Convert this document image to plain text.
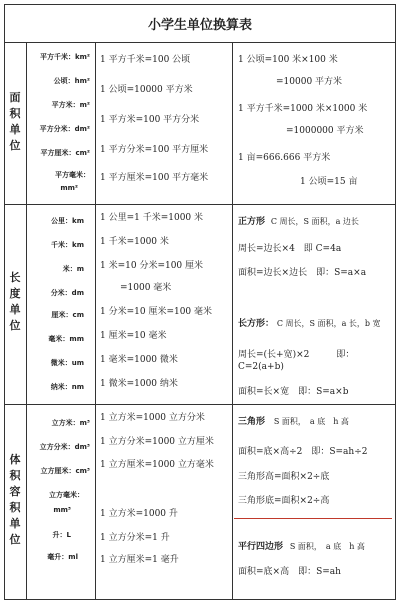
小学生单位换算表
面
积
单
位
平方千米：km²
公顷：hm²
平方米：m²
平方分米：dm²
平方厘米：cm²
平方毫米：
mm²
1 平方千米=100 公顷
1 公顷=10000 平方米
1 平方米=100 平方分米
1 平方分米=100 平方厘米
1 平方厘米=100 平方毫米
1 公顷=100 米×100 米
=10000 平方米
1 平方千米=1000 米×1000 米
=1000000 平方米
1 亩=666.666 平方米
1 公顷=15 亩
长
度
单
位
公里：km
千米：km
米：m
分米：dm
厘米：cm
毫米：mm
微米：um
纳米：nm
1 公里=1 千米=1000 米
1 千米=1000 米
1 米=10 分米=100 厘米
=1000 毫米
1 分米=10 厘米=100 毫米
1 厘米=10 毫米
1 毫米=1000 微米
1 微米=1000 纳米
正方形 C 周长，S 面积，a 边长
周长=边长×4　即 C=4a
面积=边长×边长　即：S=a×a
长方形： C 周长，S 面积，a 长，b 宽
周长=(长+宽)×2　　　即：
C=2(a+b)
面积=长×宽　即：S=a×b
体
积
容
积
单
位
立方米：m³
立方分米：dm³
立方厘米：cm³
立方毫米：
mm³
升：L
毫升：ml
1 立方米=1000 立方分米
1 立方分米=1000 立方厘米
1 立方厘米=1000 立方毫米
1 立方米=1000 升
1 立方分米=1 升
1 立方厘米=1 毫升
三角形 S 面积，　a 底　h 高
面积=底×高÷2　即：S=ah÷2
三角形高=面积×2÷底
三角形底=面积×2÷高
平行四边形 S 面积，　a 底　h 高
面积=底×高　即：S=ah
